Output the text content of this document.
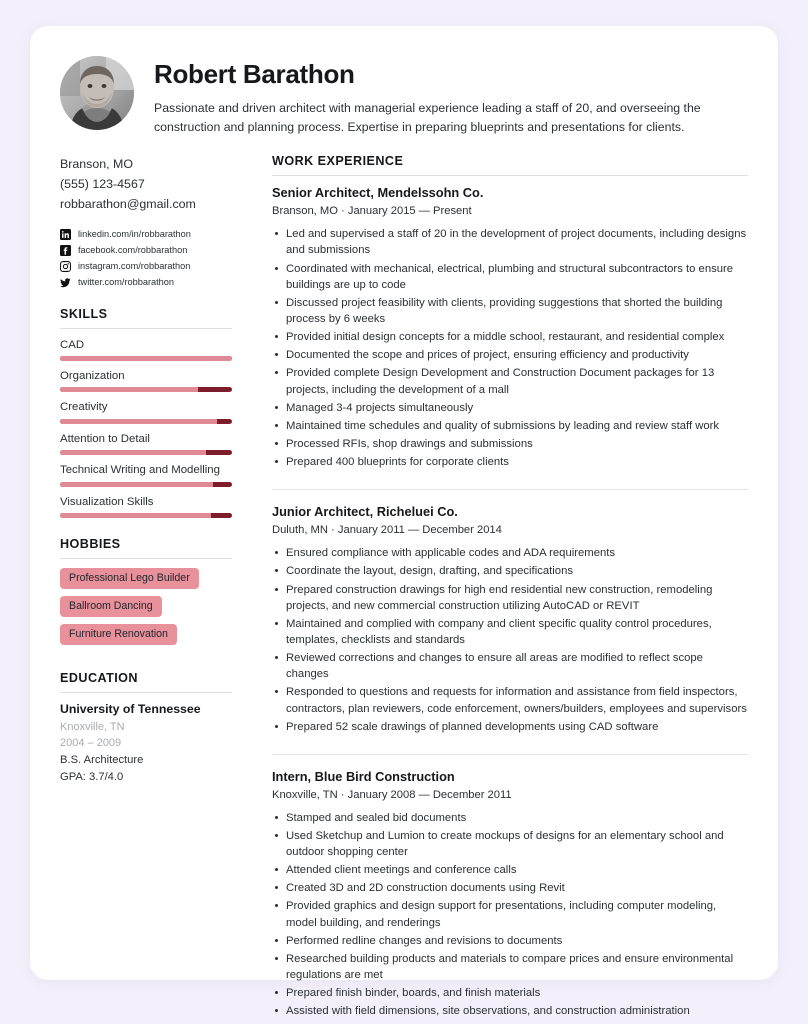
Robert Barathon
Passionate and driven architect with managerial experience leading a staff of 20, and overseeing the construction and planning process. Expertise in preparing blueprints and presentations for clients.
Branson, MO
(555) 123-4567
robbarathon@gmail.com
linkedin.com/in/robbarathon
facebook.com/robbarathon
instagram.com/robbarathon
twitter.com/robbarathon
SKILLS
CAD
Organization
Creativity
Attention to Detail
Technical Writing and Modelling
Visualization Skills
HOBBIES
Professional Lego Builder
Ballroom Dancing
Furniture Renovation
EDUCATION
University of Tennessee
Knoxville, TN
2004 – 2009
B.S. Architecture
GPA: 3.7/4.0
WORK EXPERIENCE
Senior Architect, Mendelssohn Co.
Branson, MO · January 2015 — Present
Led and supervised a staff of 20 in the development of project documents, including designs and submissions
Coordinated with mechanical, electrical, plumbing and structural subcontractors to ensure buildings are up to code
Discussed project feasibility with clients, providing suggestions that shorted the building process by 6 weeks
Provided initial design concepts for a middle school, restaurant, and residential complex
Documented the scope and prices of project, ensuring efficiency and productivity
Provided complete Design Development and Construction Document packages for 13 projects, including the development of a mall
Managed 3-4 projects simultaneously
Maintained time schedules and quality of submissions by leading and review staff work
Processed RFIs, shop drawings and submissions
Prepared 400 blueprints for corporate clients
Junior Architect, Richeluei Co.
Duluth, MN · January 2011 — December 2014
Ensured compliance with applicable codes and ADA requirements
Coordinate the layout, design, drafting, and specifications
Prepared construction drawings for high end residential new construction, remodeling projects, and new commercial construction utilizing AutoCAD or REVIT
Maintained and complied with company and client specific quality control procedures, templates, checklists and standards
Reviewed corrections and changes to ensure all areas are modified to reflect scope changes
Responded to questions and requests for information and assistance from field inspectors, contractors, plan reviewers, code enforcement, owners/builders, employees and supervisors
Prepared 52 scale drawings of planned developments using CAD software
Intern, Blue Bird Construction
Knoxville, TN · January 2008 — December 2011
Stamped and sealed bid documents
Used Sketchup and Lumion to create mockups of designs for an elementary school and outdoor shopping center
Attended client meetings and conference calls
Created 3D and 2D construction documents using Revit
Provided graphics and design support for presentations, including computer modeling, model building, and renderings
Performed redline changes and revisions to documents
Researched building products and materials to compare prices and ensure environmental regulations are met
Prepared finish binder, boards, and finish materials
Assisted with field dimensions, site observations, and construction administration
